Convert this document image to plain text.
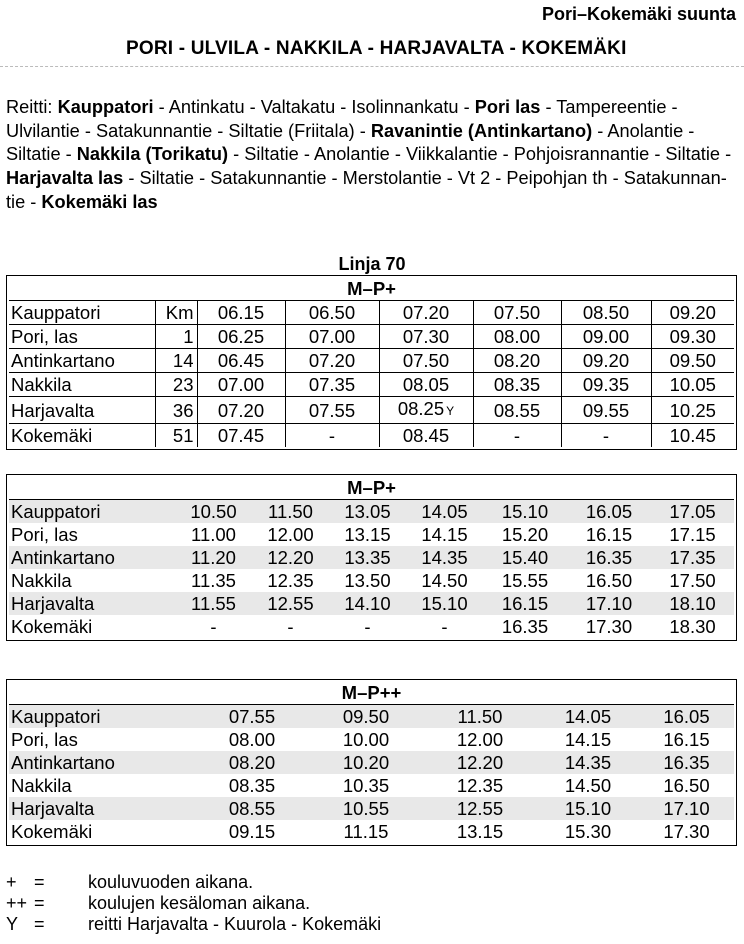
Pori–Kokemäki suunta
PORI - ULVILA - NAKKILA - HARJAVALTA - KOKEMÄKI
Reitti: Kauppatori - Antinkatu - Valtakatu - Isolinnankatu - Pori las - Tampereentie - Ulvilantie - Satakunnantie - Siltatie (Friitala) - Ravanintie (Antinkartano) - Anolantie - Siltatie - Nakkila (Torikatu) - Siltatie - Anolantie - Viikkalantie - Pohjoisrannantie - Siltatie - Harjavalta las - Siltatie - Satakunnantie - Merstolantie - Vt 2 - Peipohjan th - Satakunnantie - Kokemäki las
Linja 70
M–P+							
Kauppatori	Km	06.15	06.50	07.20	07.50	08.50	09.20
Pori, las	1	06.25	07.00	07.30	08.00	09.00	09.30
Antinkartano	14	06.45	07.20	07.50	08.20	09.20	09.50
Nakkila	23	07.00	07.35	08.05	08.35	09.35	10.05
Harjavalta	36	07.20	07.55	08.25 Y	08.55	09.55	10.25
Kokemäki	51	07.45	-	08.45	-	-	10.45
M–P+							
Kauppatori	10.50	11.50	13.05	14.05	15.10	16.05	17.05
Pori, las	11.00	12.00	13.15	14.15	15.20	16.15	17.15
Antinkartano	11.20	12.20	13.35	14.35	15.40	16.35	17.35
Nakkila	11.35	12.35	13.50	14.50	15.55	16.50	17.50
Harjavalta	11.55	12.55	14.10	15.10	16.15	17.10	18.10
Kokemäki	-	-	-	-	16.35	17.30	18.30
M–P++					
Kauppatori	07.55	09.50	11.50	14.05	16.05
Pori, las	08.00	10.00	12.00	14.15	16.15
Antinkartano	08.20	10.20	12.20	14.35	16.35
Nakkila	08.35	10.35	12.35	14.50	16.50
Harjavalta	08.55	10.55	12.55	15.10	17.10
Kokemäki	09.15	11.15	13.15	15.30	17.30
+ = kouluvuoden aikana.
++ = koulujen kesäloman aikana.
Y = reitti Harjavalta - Kuurola - Kokemäki
